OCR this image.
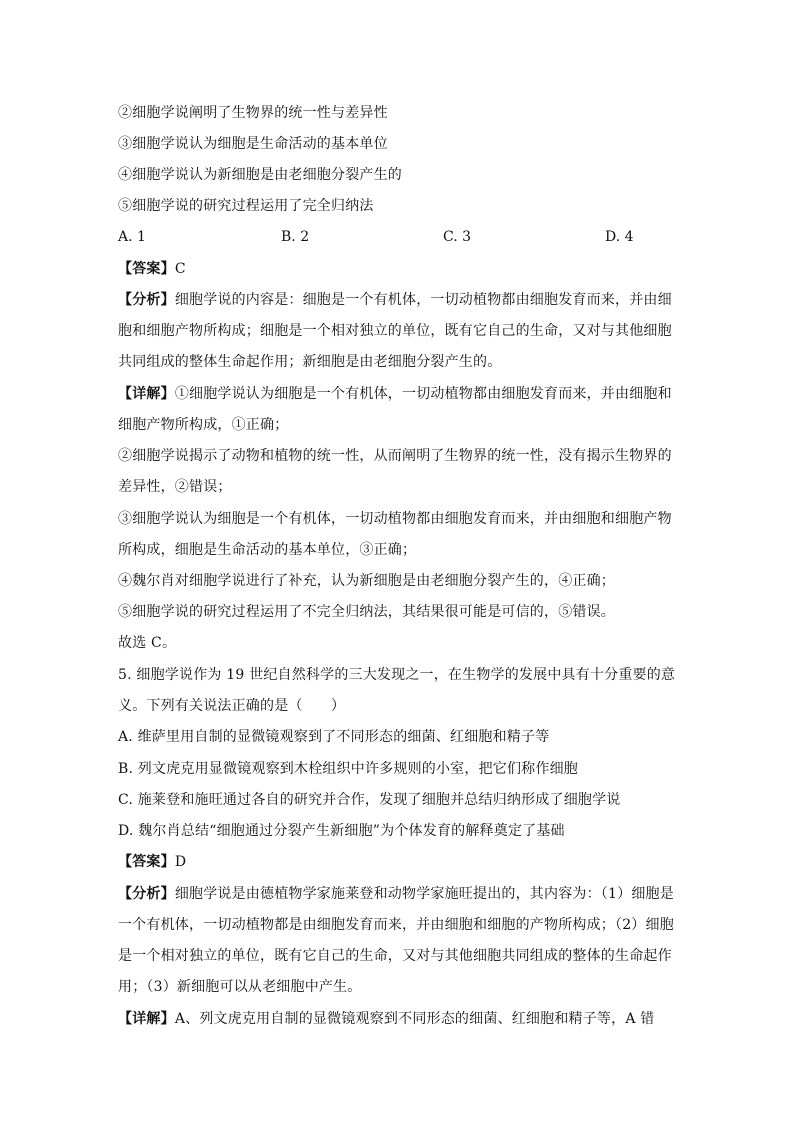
②细胞学说阐明了生物界的统一性与差异性
③细胞学说认为细胞是生命活动的基本单位
④细胞学说认为新细胞是由老细胞分裂产生的
⑤细胞学说的研究过程运用了完全归纳法
A. 1	B. 2	C. 3	D. 4
【答案】C
【分析】细胞学说的内容是：细胞是一个有机体，一切动植物都由细胞发育而来，并由细
胞和细胞产物所构成；细胞是一个相对独立的单位，既有它自己的生命，又对与其他细胞
共同组成的整体生命起作用；新细胞是由老细胞分裂产生的。
【详解】①细胞学说认为细胞是一个有机体，一切动植物都由细胞发育而来，并由细胞和
细胞产物所构成，①正确；
②细胞学说揭示了动物和植物的统一性，从而阐明了生物界的统一性，没有揭示生物界的
差异性，②错误；
③细胞学说认为细胞是一个有机体，一切动植物都由细胞发育而来，并由细胞和细胞产物
所构成，细胞是生命活动的基本单位，③正确；
④魏尔肖对细胞学说进行了补充，认为新细胞是由老细胞分裂产生的，④正确；
⑤细胞学说的研究过程运用了不完全归纳法，其结果很可能是可信的，⑤错误。
故选 C。
5. 细胞学说作为 19 世纪自然科学的三大发现之一，在生物学的发展中具有十分重要的意
义。下列有关说法正确的是（　　）
A. 维萨里用自制的显微镜观察到了不同形态的细菌、红细胞和精子等
B. 列文虎克用显微镜观察到木栓组织中许多规则的小室，把它们称作细胞
C. 施莱登和施旺通过各自的研究并合作，发现了细胞并总结归纳形成了细胞学说
D. 魏尔肖总结“细胞通过分裂产生新细胞”为个体发育的解释奠定了基础
【答案】D
【分析】细胞学说是由德植物学家施莱登和动物学家施旺提出的，其内容为：（1）细胞是
一个有机体，一切动植物都是由细胞发育而来，并由细胞和细胞的产物所构成；（2）细胞
是一个相对独立的单位，既有它自己的生命，又对与其他细胞共同组成的整体的生命起作
用；（3）新细胞可以从老细胞中产生。
【详解】A、列文虎克用自制的显微镜观察到不同形态的细菌、红细胞和精子等，A 错
